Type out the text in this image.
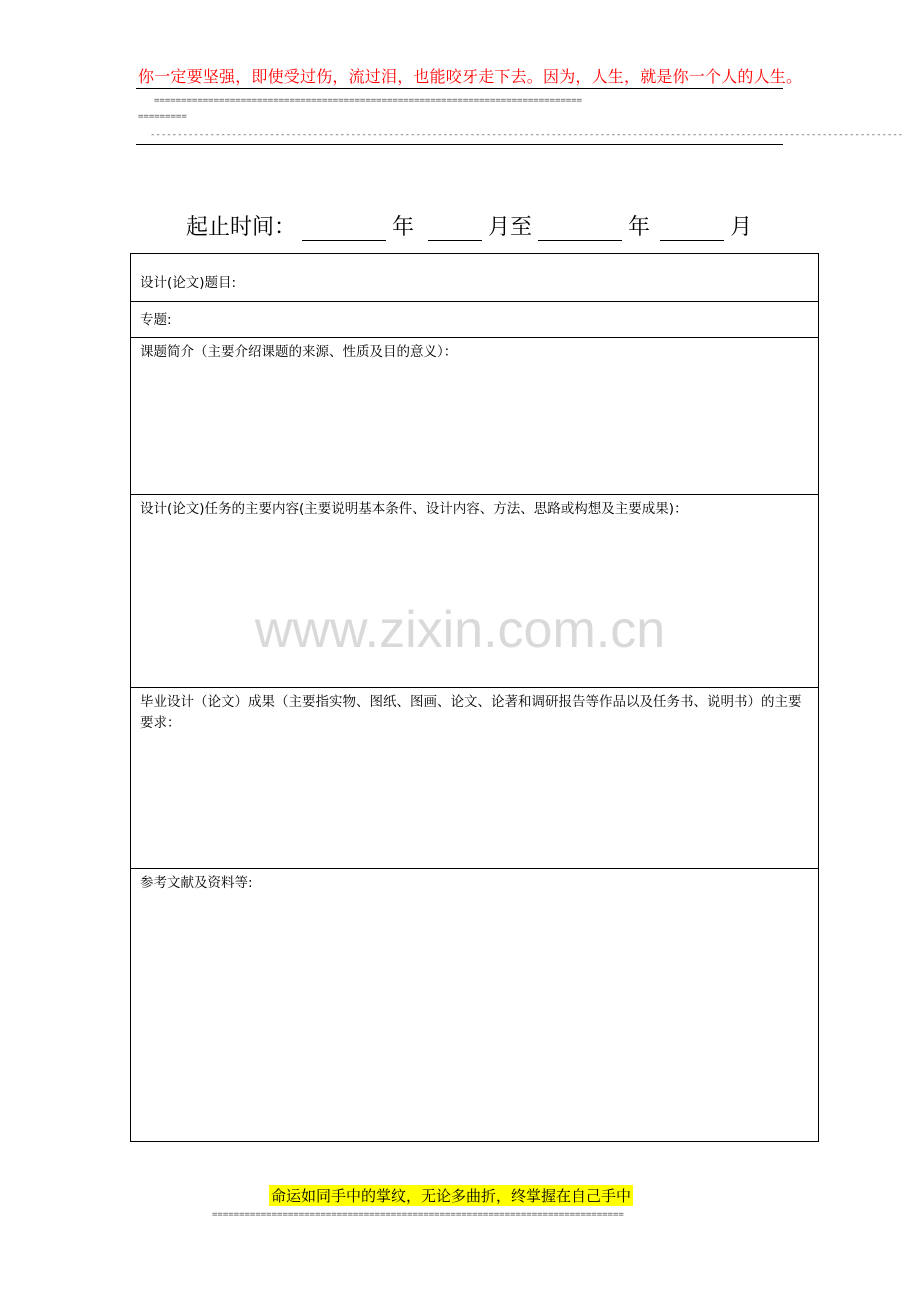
你一定要坚强，即使受过伤，流过泪，也能咬牙走下去。因为，人生，就是你一个人的人生。
===============================================================================
=========
-------------------------------------------------------------------------------------------------------------------------------------------
起止时间：	年	月至	年	月
设计(论文)题目:
专题:
课题简介（主要介绍课题的来源、性质及目的意义）：
设计(论文)任务的主要内容(主要说明基本条件、设计内容、方法、思路或构想及主要成果)：
毕业设计（论文）成果（主要指实物、图纸、图画、论文、论著和调研报告等作品以及任务书、说明书）的主要要求：
参考文献及资料等:
www.zixin.com.cn
命运如同手中的掌纹，无论多曲折，终掌握在自己手中
============================================================================
